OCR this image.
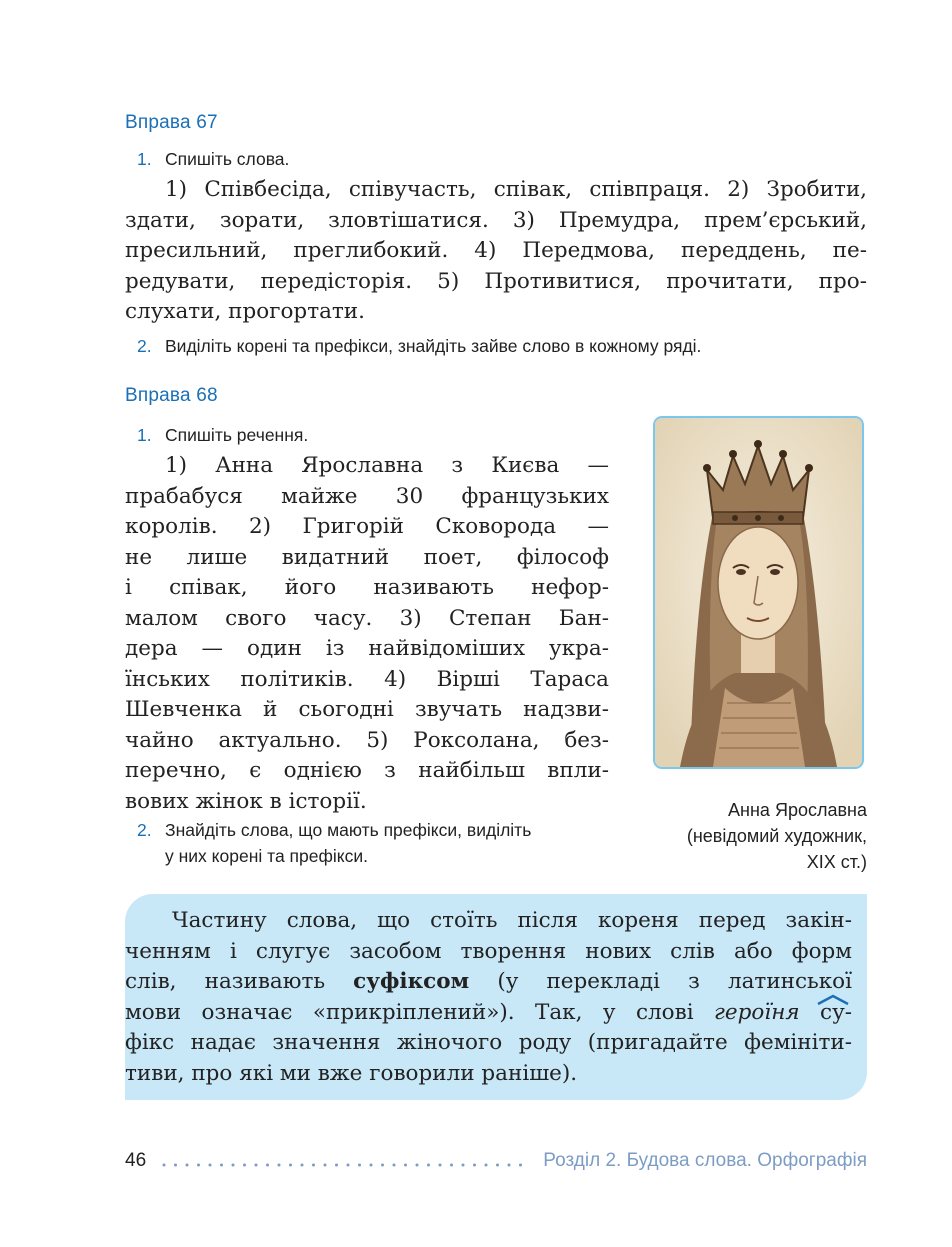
Вправа 67
1. Спишіть слова.
1) Співбесіда, співучасть, співак, співпраця. 2) Зробити,
здати, зорати, зловтішатися. 3) Премудра, прем’єрський,
пресильний, преглибокий. 4) Передмова, переддень, пе-
редувати, передісторія. 5) Противитися, прочитати, про-
слухати, прогортати.
2. Виділіть корені та префікси, знайдіть зайве слово в кожному ряді.
Вправа 68
1. Спишіть речення.
1) Анна Ярославна з Києва —
прабабуся майже 30 французьких
королів. 2) Григорій Сковорода —
не лише видатний поет, філософ
і співак, його називають нефор-
малом свого часу. 3) Степан Бан-
дера — один із найвідоміших укра-
їнських політиків. 4) Вірші Тараса
Шевченка й сьогодні звучать надзви-
чайно актуально. 5) Роксолана, без-
перечно, є однією з найбільш впли-
вових жінок в історії.
2. Знайдіть слова, що мають префікси, виділіть
у них корені та префікси.
Анна Ярославна
(невідомий художник,
XIX ст.)
Частину слова, що стоїть після кореня перед закін-
ченням і слугує засобом творення нових слів або форм
слів, називають суфіксом (у перекладі з латинської
мови означає «прикріплений»). Так, у слові героїня су-
фікс надає значення жіночого роду (пригадайте фемініти-
тиви, про які ми вже говорили раніше).
46	Розділ 2. Будова слова. Орфографія
